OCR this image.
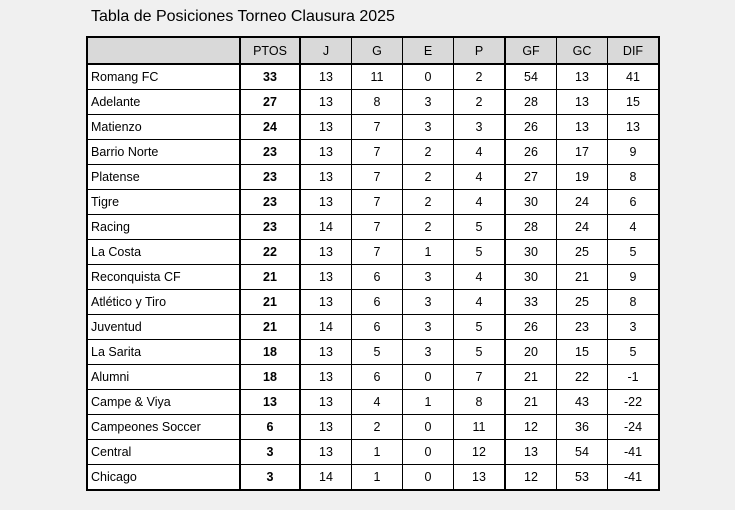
Tabla de Posiciones Torneo Clausura 2025
	PTOS	J	G	E	P	GF	GC	DIF
Romang FC	33	13	11	0	2	54	13	41
Adelante	27	13	8	3	2	28	13	15
Matienzo	24	13	7	3	3	26	13	13
Barrio Norte	23	13	7	2	4	26	17	9
Platense	23	13	7	2	4	27	19	8
Tigre	23	13	7	2	4	30	24	6
Racing	23	14	7	2	5	28	24	4
La Costa	22	13	7	1	5	30	25	5
Reconquista CF	21	13	6	3	4	30	21	9
Atlético y Tiro	21	13	6	3	4	33	25	8
Juventud	21	14	6	3	5	26	23	3
La Sarita	18	13	5	3	5	20	15	5
Alumni	18	13	6	0	7	21	22	-1
Campe & Viya	13	13	4	1	8	21	43	-22
Campeones Soccer	6	13	2	0	11	12	36	-24
Central	3	13	1	0	12	13	54	-41
Chicago	3	14	1	0	13	12	53	-41
